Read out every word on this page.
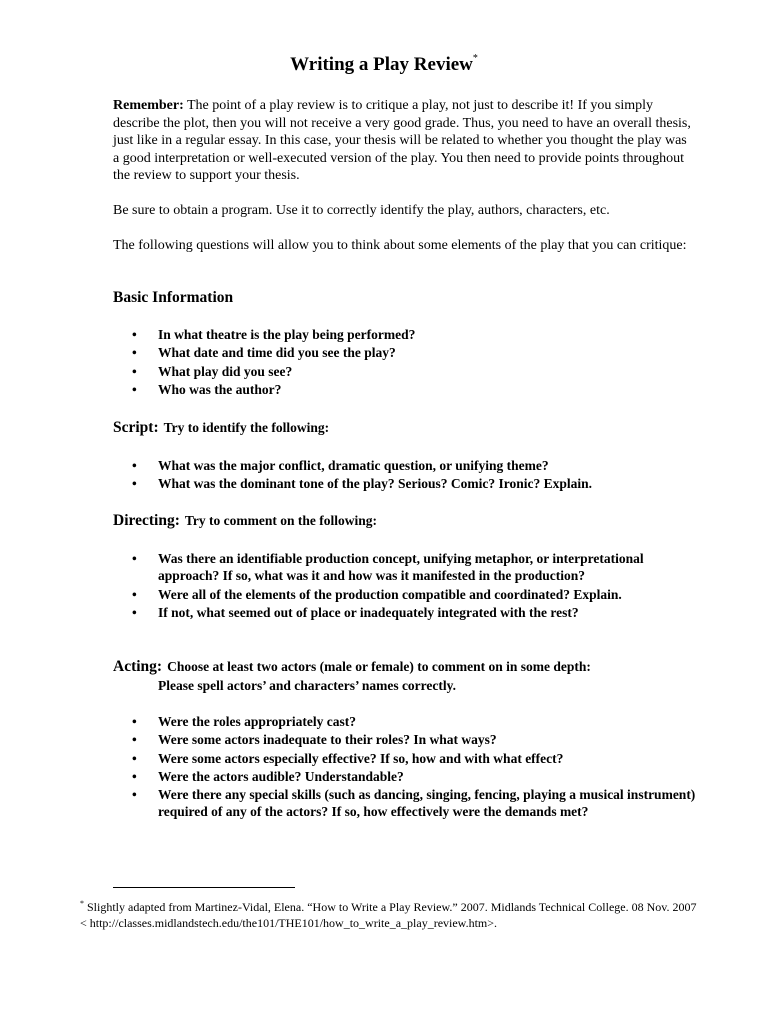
Writing a Play Review*
Remember: The point of a play review is to critique a play, not just to describe it! If you simply describe the plot, then you will not receive a very good grade. Thus, you need to have an overall thesis, just like in a regular essay. In this case, your thesis will be related to whether you thought the play was a good interpretation or well-executed version of the play. You then need to provide points throughout the review to support your thesis.
Be sure to obtain a program. Use it to correctly identify the play, authors, characters, etc.
The following questions will allow you to think about some elements of the play that you can critique:
Basic Information
• In what theatre is the play being performed?
• What date and time did you see the play?
• What play did you see?
• Who was the author?
Script: Try to identify the following:
• What was the major conflict, dramatic question, or unifying theme?
• What was the dominant tone of the play? Serious? Comic? Ironic? Explain.
Directing: Try to comment on the following:
• Was there an identifiable production concept, unifying metaphor, or interpretational approach? If so, what was it and how was it manifested in the production?
• Were all of the elements of the production compatible and coordinated? Explain.
• If not, what seemed out of place or inadequately integrated with the rest?
Acting: Choose at least two actors (male or female) to comment on in some depth:
Please spell actors’ and characters’ names correctly.
• Were the roles appropriately cast?
• Were some actors inadequate to their roles? In what ways?
• Were some actors especially effective? If so, how and with what effect?
• Were the actors audible? Understandable?
• Were there any special skills (such as dancing, singing, fencing, playing a musical instrument) required of any of the actors? If so, how effectively were the demands met?
* Slightly adapted from Martinez-Vidal, Elena. “How to Write a Play Review.” 2007. Midlands Technical College. 08 Nov. 2007 < http://classes.midlandstech.edu/the101/THE101/how_to_write_a_play_review.htm>.
